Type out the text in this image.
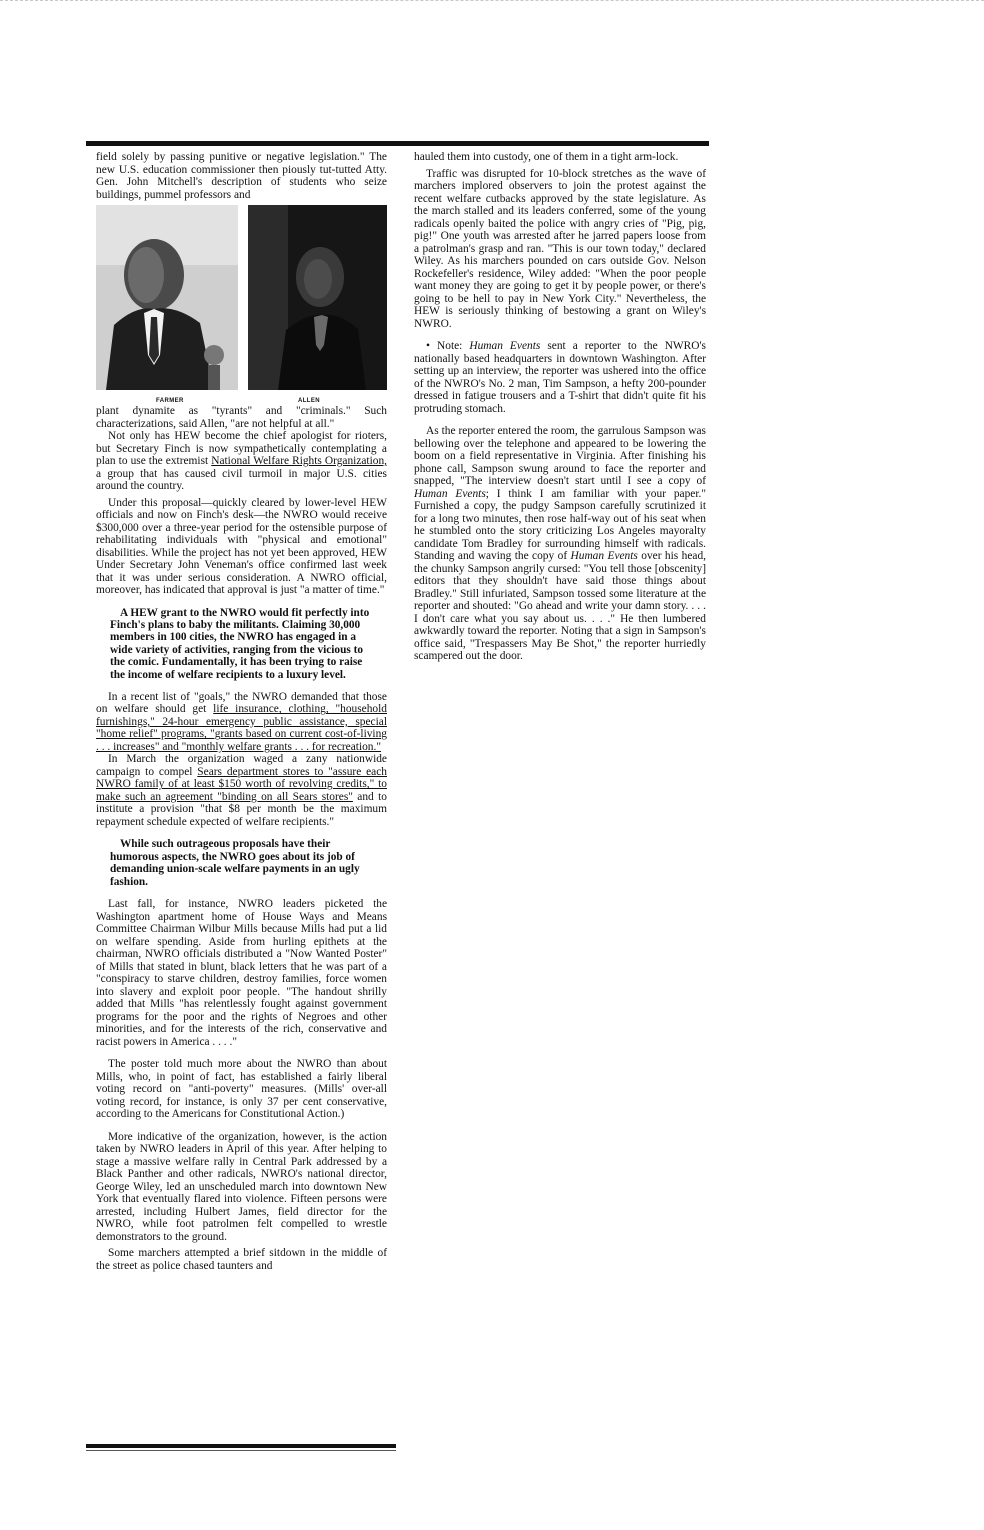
field solely by passing punitive or negative legislation." The new U.S. education commissioner then piously tut-tutted Atty. Gen. John Mitchell's description of students who seize buildings, pummel professors and

FARMER	ALLEN

plant dynamite as "tyrants" and "criminals." Such characterizations, said Allen, "are not helpful at all."

Not only has HEW become the chief apologist for rioters, but Secretary Finch is now sympathetically contemplating a plan to use the extremist National Welfare Rights Organization, a group that has caused civil turmoil in major U.S. cities around the country.

Under this proposal—quickly cleared by lower-level HEW officials and now on Finch's desk—the NWRO would receive $300,000 over a three-year period for the ostensible purpose of rehabilitating individuals with "physical and emotional" disabilities. While the project has not yet been approved, HEW Under Secretary John Veneman's office confirmed last week that it was under serious consideration. A NWRO official, moreover, has indicated that approval is just "a matter of time."

A HEW grant to the NWRO would fit perfectly into Finch's plans to baby the militants. Claiming 30,000 members in 100 cities, the NWRO has engaged in a wide variety of activities, ranging from the vicious to the comic. Fundamentally, it has been trying to raise the income of welfare recipients to a luxury level.

In a recent list of "goals," the NWRO demanded that those on welfare should get life insurance, clothing, "household furnishings," 24-hour emergency public assistance, special "home relief" programs, "grants based on current cost-of-living . . . increases" and "monthly welfare grants . . . for recreation."

In March the organization waged a zany nationwide campaign to compel Sears department stores to "assure each NWRO family of at least $150 worth of revolving credits," to make such an agreement "binding on all Sears stores" and to institute a provision "that $8 per month be the maximum repayment schedule expected of welfare recipients."

While such outrageous proposals have their humorous aspects, the NWRO goes about its job of demanding union-scale welfare payments in an ugly fashion.

Last fall, for instance, NWRO leaders picketed the Washington apartment home of House Ways and Means Committee Chairman Wilbur Mills because Mills had put a lid on welfare spending. Aside from hurling epithets at the chairman, NWRO officials distributed a "Now Wanted Poster" of Mills that stated in blunt, black letters that he was part of a "conspiracy to starve children, destroy families, force women into slavery and exploit poor people. "The handout shrilly added that Mills "has relentlessly fought against government programs for the poor and the rights of Negroes and other minorities, and for the interests of the rich, conservative and racist powers in America . . . ."

The poster told much more about the NWRO than about Mills, who, in point of fact, has established a fairly liberal voting record on "anti-poverty" measures. (Mills' over-all voting record, for instance, is only 37 per cent conservative, according to the Americans for Constitutional Action.)

More indicative of the organization, however, is the action taken by NWRO leaders in April of this year. After helping to stage a massive welfare rally in Central Park addressed by a Black Panther and other radicals, NWRO's national director, George Wiley, led an unscheduled march into downtown New York that eventually flared into violence. Fifteen persons were arrested, including Hulbert James, field director for the NWRO, while foot patrolmen felt compelled to wrestle demonstrators to the ground.

Some marchers attempted a brief sitdown in the middle of the street as police chased taunters and

hauled them into custody, one of them in a tight arm-lock.

Traffic was disrupted for 10-block stretches as the wave of marchers implored observers to join the protest against the recent welfare cutbacks approved by the state legislature. As the march stalled and its leaders conferred, some of the young radicals openly baited the police with angry cries of "Pig, pig, pig!" One youth was arrested after he jarred papers loose from a patrolman's grasp and ran. "This is our town today," declared Wiley. As his marchers pounded on cars outside Gov. Nelson Rockefeller's residence, Wiley added: "When the poor people want money they are going to get it by people power, or there's going to be hell to pay in New York City." Nevertheless, the HEW is seriously thinking of bestowing a grant on Wiley's NWRO.

• Note: Human Events sent a reporter to the NWRO's nationally based headquarters in downtown Washington. After setting up an interview, the reporter was ushered into the office of the NWRO's No. 2 man, Tim Sampson, a hefty 200-pounder dressed in fatigue trousers and a T-shirt that didn't quite fit his protruding stomach.

As the reporter entered the room, the garrulous Sampson was bellowing over the telephone and appeared to be lowering the boom on a field representative in Virginia. After finishing his phone call, Sampson swung around to face the reporter and snapped, "The interview doesn't start until I see a copy of Human Events; I think I am familiar with your paper." Furnished a copy, the pudgy Sampson carefully scrutinized it for a long two minutes, then rose half-way out of his seat when he stumbled onto the story criticizing Los Angeles mayoralty candidate Tom Bradley for surrounding himself with radicals. Standing and waving the copy of Human Events over his head, the chunky Sampson angrily cursed: "You tell those [obscenity] editors that they shouldn't have said those things about Bradley." Still infuriated, Sampson tossed some literature at the reporter and shouted: "Go ahead and write your damn story. . . . I don't care what you say about us. . . ." He then lumbered awkwardly toward the reporter. Noting that a sign in Sampson's office said, "Trespassers May Be Shot," the reporter hurriedly scampered out the door.
